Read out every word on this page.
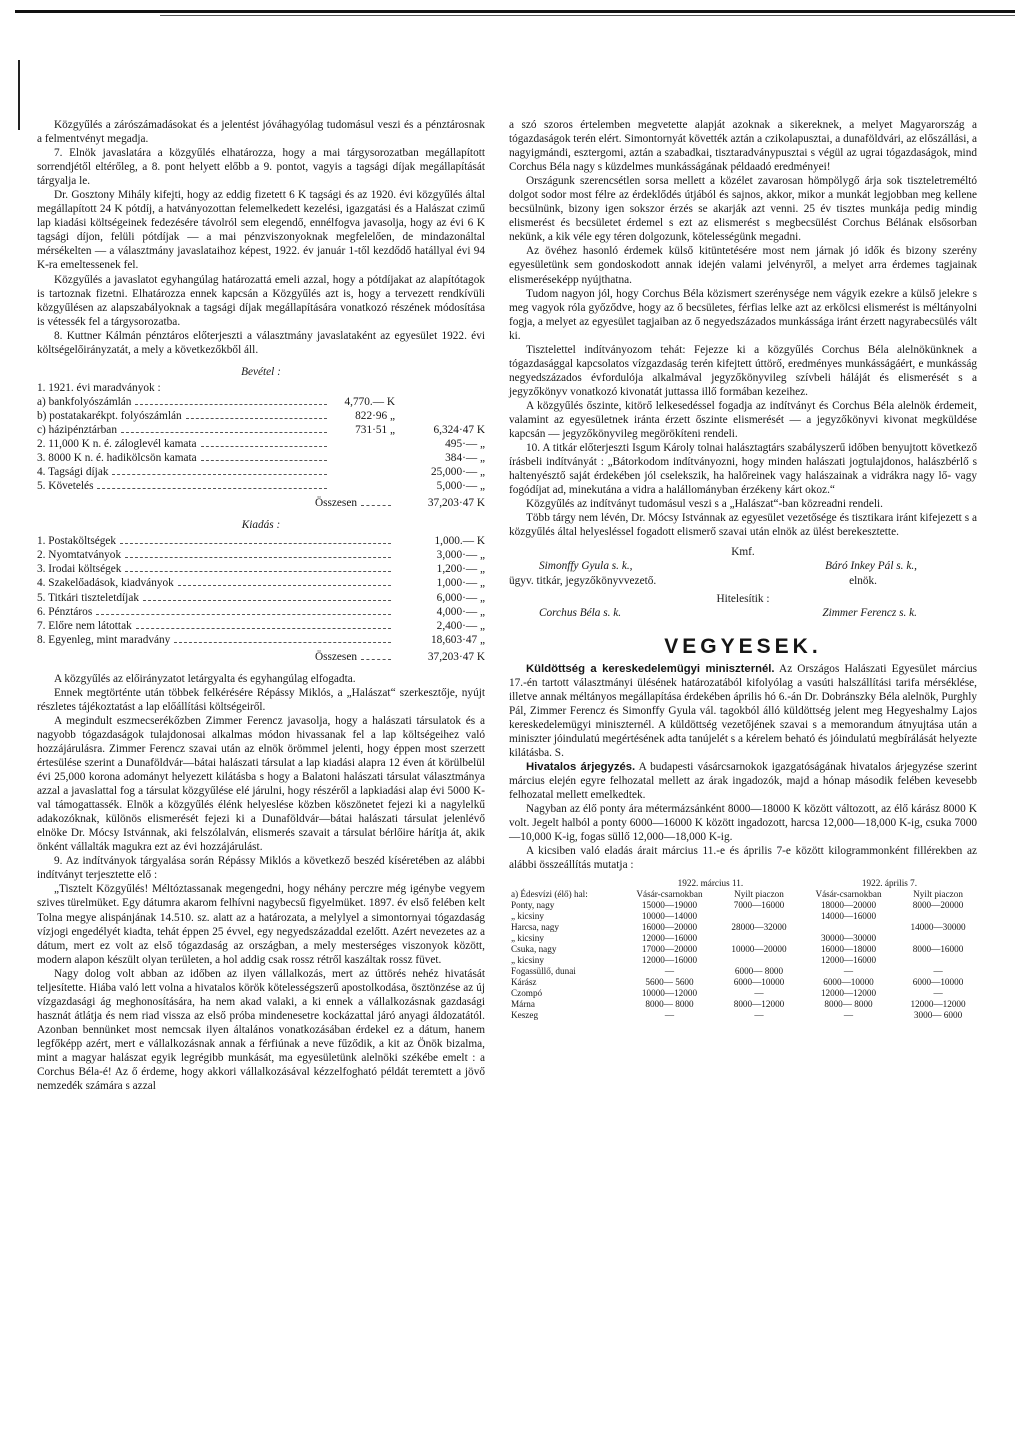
Közgyűlés a zárószámadásokat és a jelentést jóváhagyólag tudomásul veszi és a pénztárosnak a felmentvényt megadja.

7. Elnök javaslatára a közgyűlés elhatározza, hogy a mai tárgysorozatban megállapított sorrendjétől eltérőleg, a 8. pont helyett előbb a 9. pontot, vagyis a tagsági díjak megállapítását tárgyalja le.

Dr. Gosztony Mihály kifejti, hogy az eddig fizetett 6 K tagsági és az 1920. évi közgyűlés által megállapított 24 K pótdíj, a hatványozottan felemelkedett kezelési, igazgatási és a Halászat czimű lap kiadási költségeinek fedezésére távolról sem elegendő, ennélfogva javasolja, hogy az évi 6 K tagsági díjon, felüli pótdíjak — a mai pénzviszonyoknak megfelelően, de mindazonáltal mérsékelten — a választmány javaslataihoz képest, 1922. év január 1-től kezdődő hatállyal évi 94 K-ra emeltessenek fel.

Közgyűlés a javaslatot egyhangúlag határozattá emeli azzal, hogy a pótdíjakat az alapítótagok is tartoznak fizetni. Elhatározza ennek kapcsán a Közgyűlés azt is, hogy a tervezett rendkívüli közgyűlésen az alapszabályoknak a tagsági díjak megállapítására vonatkozó részének módosítása is vétessék fel a tárgysorozatba.

8. Kuttner Kálmán pénztáros előterjeszti a választmány javaslataként az egyesület 1922. évi költségelőirányzatát, a mely a következőkből áll.

Bevétel :
1. 1921. évi maradványok :
a) bankfolyószámlán	4,770.— K
b) postatakarékpt. folyószámlán	822·96 „
c) házipénztárban	731·51 „	6,324·47 K
2. 11,000 K n. é. záloglevél kamata	495·— „
3. 8000 K n. é. hadikölcsön kamata	384·— „
4. Tagsági díjak	25,000·— „
5. Követelés	5,000·— „
Összesen	37,203·47 K
Kiadás :
1. Postaköltségek	1,000.— K
2. Nyomtatványok	3,000·— „
3. Irodai költségek	1,200·— „
4. Szakelőadások, kiadványok	1,000·— „
5. Titkári tiszteletdíjak	6,000·— „
6. Pénztáros	4,000·— „
7. Előre nem látottak	2,400·— „
8. Egyenleg, mint maradvány	18,603·47 „
Összesen	37,203·47 K

A közgyűlés az előirányzatot letárgyalta és egyhangúlag elfogadta.

Ennek megtörténte után többek felkérésére Répássy Miklós, a „Halászat“ szerkesztője, nyújt részletes tájékoztatást a lap előállítási költségeiről.

A megindult eszmecserékőzben Zimmer Ferencz javasolja, hogy a halászati társulatok és a nagyobb tógazdaságok tulajdonosai alkalmas módon hivassanak fel a lap költségeihez való hozzájárulásra. Zimmer Ferencz szavai után az elnök örömmel jelenti, hogy éppen most szerzett értesülése szerint a Dunaföldvár—bátai halászati társulat a lap kiadási alapra 12 éven át körülbelül évi 25,000 korona adományt helyezett kilátásba s hogy a Balatoni halászati társulat választmánya azzal a javaslattal fog a társulat közgyűlése elé járulni, hogy részéről a lapkiadási alap évi 5000 K-val támogattassék. Elnök a közgyűlés élénk helyeslése közben köszönetet fejezi ki a nagylelkű adakozóknak, különös elismerését fejezi ki a Dunaföldvár—bátai halászati társulat jelenlévő elnöke Dr. Mócsy Istvánnak, aki felszólalván, elismerés szavait a társulat bérlőire hárítja át, akik önként vállalták magukra ezt az évi hozzájárulást.

9. Az indítványok tárgyalása során Répássy Miklós a következő beszéd kíséretében az alábbi indítványt terjesztette elő :

„Tisztelt Közgyűlés! Méltóztassanak megengedni, hogy néhány perczre még igénybe vegyem szives türelmüket. Egy dátumra akarom felhívni nagybecsű figyelmüket. 1897. év első felében kelt Tolna megye alispánjának 14.510. sz. alatt az a határozata, a melylyel a simontornyai tógazdaság vízjogi engedélyét kiadta, tehát éppen 25 évvel, egy negyedszázaddal ezelőtt. Azért nevezetes az a dátum, mert ez volt az első tógazdaság az országban, a mely mesterséges viszonyok között, modern alapon készült olyan területen, a hol addig csak rossz rétről kaszáltak rossz füvet.

Nagy dolog volt abban az időben az ilyen vállalkozás, mert az úttörés nehéz hivatását teljesítette. Hiába való lett volna a hivatalos körök kötelességszerű apostolkodása, ösztönzése az új vízgazdasági ág meghonosítására, ha nem akad valaki, a ki ennek a vállalkozásnak gazdasági hasznát átlátja és nem riad vissza az első próba mindenesetre kockázattal járó anyagi áldozatától. Azonban bennünket most nemcsak ilyen általános vonatkozásában érdekel ez a dátum, hanem legfőképp azért, mert e vállalkozásnak annak a férfiúnak a neve fűződik, a kit az Önök bizalma, mint a magyar halászat egyik legrégibb munkását, ma egyesületünk alelnöki székébe emelt : a Corchus Béla-é! Az ő érdeme, hogy akkori vállalkozásával kézzelfogható példát teremtett a jövő nemzedék számára s azzal

a szó szoros értelemben megvetette alapját azoknak a sikereknek, a melyet Magyarország a tógazdaságok terén elért. Simontornyát követték aztán a czikolapusztai, a dunaföldvári, az előszállási, a nagyigmándi, esztergomi, aztán a szabadkai, tisztaradványpusztai s végül az ugrai tógazdaságok, mind Corchus Béla nagy s küzdelmes munkásságának példaadó eredményei!

Országunk szerencsétlen sorsa mellett a közélet zavarosan hömpölygő árja sok tiszteletreméltó dolgot sodor most félre az érdeklődés útjából és sajnos, akkor, mikor a munkát legjobban meg kellene becsülnünk, bizony igen sokszor érzés se akarják azt venni. 25 év tisztes munkája pedig mindig elismerést és becsületet érdemel s ezt az elismerést s megbecsülést Corchus Bélának elsősorban nekünk, a kik véle egy téren dolgozunk, kötelességünk megadni.

Az övéhez hasonló érdemek külső kitüntetésére most nem járnak jó idők és bizony szerény egyesületünk sem gondoskodott annak idején valami jelvényről, a melyet arra érdemes tagjainak elismeréseképp nyújthatna.

Tudom nagyon jól, hogy Corchus Béla közismert szerénysége nem vágyik ezekre a külső jelekre s meg vagyok róla győződve, hogy az ő becsületes, férfias lelke azt az erkölcsi elismerést is méltányolni fogja, a melyet az egyesület tagjaiban az ő negyedszázados munkássága iránt érzett nagyrabecsülés vált ki.

Tisztelettel indítványozom tehát: Fejezze ki a közgyűlés Corchus Béla alelnökünknek a tógazdasággal kapcsolatos vízgazdaság terén kifejtett úttörő, eredményes munkásságáért, e munkásság negyedszázados évfordulója alkalmával jegyzőkönyvileg szívbeli háláját és elismerését s a jegyzőkönyv vonatkozó kivonatát juttassa illő formában kezeihez.

A közgyűlés őszinte, kitörő lelkesedéssel fogadja az indítványt és Corchus Béla alelnök érdemeit, valamint az egyesületnek iránta érzett őszinte elismerését — a jegyzőkönyvi kivonat megküldése kapcsán — jegyzőkönyvileg megörökíteni rendeli.

10. A titkár előterjeszti Isgum Károly tolnai halásztagtárs szabályszerű időben benyujtott következő írásbeli indítványát : „Bátorkodom indítványozni, hogy minden halászati jogtulajdonos, halászbérlő s haltenyésztő saját érdekében jól cselekszik, ha halőreinek vagy halászainak a vidrákra nagy lő- vagy fogódíjat ad, minekutána a vidra a halállományban érzékeny kárt okoz.“

Közgyűlés az indítványt tudomásul veszi s a „Halászat“-ban közreadni rendeli.

Több tárgy nem lévén, Dr. Mócsy Istvánnak az egyesület vezetősége és tisztikara iránt kifejezett s a közgyűlés által helyesléssel fogadott elismerő szavai után elnök az ülést berekesztette.

Kmf.

Simonffy Gyula s. k.,	Báró Inkey Pál s. k.,
ügyv. titkár, jegyzőkönyvvezető.	elnök.

Hitelesítik :

Corchus Béla s. k.	Zimmer Ferencz s. k.
VEGYESEK.

Küldöttség a kereskedelemügyi miniszternél. Az Országos Halászati Egyesület március 17.-én tartott választmányi ülésének határozatából kifolyólag a vasúti halszállítási tarifa mérséklése, illetve annak méltányos megállapítása érdekében április hó 6.-án Dr. Dobránszky Béla alelnök, Purghly Pál, Zimmer Ferencz és Simonffy Gyula vál. tagokból álló küldöttség jelent meg Hegyeshalmy Lajos kereskedelemügyi miniszternél. A küldöttség vezetőjének szavai s a memorandum átnyujtása után a miniszter jóindulatú megértésének adta tanújelét s a kérelem beható és jóindulatú megbírálását helyezte kilátásba. S.

Hivatalos árjegyzés. A budapesti vásárcsarnokok igazgatóságának hivatalos árjegyzése szerint március elején egyre felhozatal mellett az árak ingadozók, majd a hónap második felében kevesebb felhozatal mellett emelkedtek.

Nagyban az élő ponty ára métermázsánként 8000—18000 K között változott, az élő kárász 8000 K volt. Jegelt halból a ponty 6000—16000 K között ingadozott, harcsa 12,000—18,000 K-ig, csuka 7000—10,000 K-ig, fogas süllő 12,000—18,000 K-ig.

A kicsiben való eladás árait március 11.-e és április 7-e között kilogrammonként fillérekben az alábbi összeállítás mutatja :

	1922. március 11.		1922. április 7.	
a) Édesvízi (élő) hal:	Vásár-csarnokban	Nyilt piaczon	Vásár-csarnokban	Nyilt piaczon
Ponty, nagy	15000—19000	7000—16000	18000—20000	8000—20000
„ kicsiny	10000—14000		14000—16000	
Harcsa, nagy	16000—20000	28000—32000		14000—30000
„ kicsiny	12000—16000		30000—30000	
Csuka, nagy	17000—20000	10000—20000	16000—18000	8000—16000
„ kicsiny	12000—16000		12000—16000	
Fogassüllő, dunai	—	6000— 8000	—	—
Kárász	5600— 5600	6000—10000	6000—10000	6000—10000
Czompó	10000—12000	—	12000—12000	—
Márna	8000— 8000	8000—12000	8000— 8000	12000—12000
Keszeg	—	—	—	3000— 6000
